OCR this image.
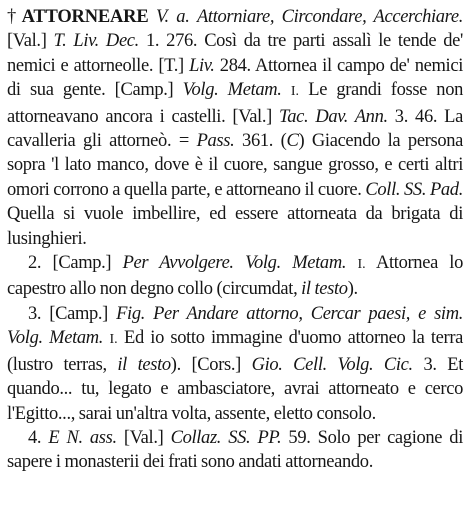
† ATTORNEARE V. a. Attorniare, Circondare, Accerchiare. [Val.] T. Liv. Dec. 1. 276. Così da tre parti assalì le tende de' nemici e attorneolle. [T.] Liv. 284. Attornea il campo de' nemici di sua gente. [Camp.] Volg. Metam. I. Le grandi fosse non attorneavano ancora i castelli. [Val.] Tac. Dav. Ann. 3. 46. La cavalleria gli attorneò. = Pass. 361. (C) Giacendo la persona sopra 'l lato manco, dove è il cuore, sangue grosso, e certi altri omori corrono a quella parte, e attorneano il cuore. Coll. SS. Pad. Quella si vuole imbellire, ed essere attorneata da brigata di lusinghieri.

2. [Camp.] Per Avvolgere. Volg. Metam. I. Attornea lo capestro allo non degno collo (circumdat, il testo).

3. [Camp.] Fig. Per Andare attorno, Cercar paesi, e sim. Volg. Metam. I. Ed io sotto immagine d'uomo attorneo la terra (lustro terras, il testo). [Cors.] Gio. Cell. Volg. Cic. 3. Et quando... tu, legato e ambasciatore, avrai attorneato e cerco l'Egitto..., sarai un'altra volta, assente, eletto consolo.

4. E N. ass. [Val.] Collaz. SS. PP. 59. Solo per cagione di sapere i monasterii dei frati sono andati attorneando.
